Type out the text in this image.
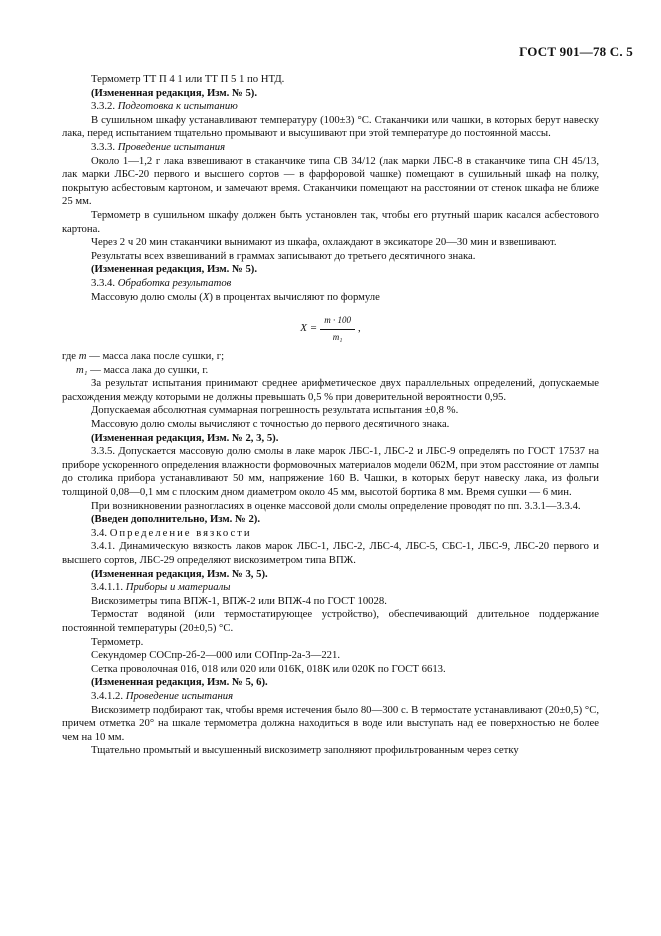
ГОСТ 901—78 С. 5

Термометр ТТ П 4 1 или ТТ П 5 1 по НТД.

(Измененная редакция, Изм. № 5).

3.3.2. Подготовка к испытанию

В сушильном шкафу устанавливают температуру (100±3) °С. Стаканчики или чашки, в которых берут навеску лака, перед испытанием тщательно промывают и высушивают при этой температуре до постоянной массы.

3.3.3. Проведение испытания

Около 1—1,2 г лака взвешивают в стаканчике типа СВ 34/12 (лак марки ЛБС-8 в стаканчике типа СН 45/13, лак марки ЛБС-20 первого и высшего сортов — в фарфоровой чашке) помещают в сушильный шкаф на полку, покрытую асбестовым картоном, и замечают время. Стаканчики помещают на расстоянии от стенок шкафа не ближе 25 мм.

Термометр в сушильном шкафу должен быть установлен так, чтобы его ртутный шарик касался асбестового картона.

Через 2 ч 20 мин стаканчики вынимают из шкафа, охлаждают в эксикаторе 20—30 мин и взвешивают.

Результаты всех взвешиваний в граммах записывают до третьего десятичного знака.

(Измененная редакция, Изм. № 5).

3.3.4. Обработка результатов

Массовую долю смолы (X) в процентах вычисляют по формуле

$X = \frac{m \cdot 100}{\text{m₁}}$ ,

где m — масса лака после сушки, г;

m₁ — масса лака до сушки, г.

За результат испытания принимают среднее арифметическое двух параллельных определений, допускаемые расхождения между которыми не должны превышать 0,5 % при доверительной вероятности 0,95.

Допускаемая абсолютная суммарная погрешность результата испытания ±0,8 %.

Массовую долю смолы вычисляют с точностью до первого десятичного знака.

(Измененная редакция, Изм. № 2, 3, 5).

3.3.5. Допускается массовую долю смолы в лаке марок ЛБС-1, ЛБС-2 и ЛБС-9 определять по ГОСТ 17537 на приборе ускоренного определения влажности формовочных материалов модели 062М, при этом расстояние от лампы до столика прибора устанавливают 50 мм, напряжение 160 В. Чашки, в которых берут навеску лака, из фольги толщиной 0,08—0,1 мм с плоским дном диаметром около 45 мм, высотой бортика 8 мм. Время сушки — 6 мин.

При возникновении разногласиях в оценке массовой доли смолы определение проводят по пп. 3.3.1—3.3.4.

(Введен дополнительно, Изм. № 2).

3.4. Определение вязкости

3.4.1. Динамическую вязкость лаков марок ЛБС-1, ЛБС-2, ЛБС-4, ЛБС-5, СБС-1, ЛБС-9, ЛБС-20 первого и высшего сортов, ЛБС-29 определяют вискозиметром типа ВПЖ.

(Измененная редакция, Изм. № 3, 5).

3.4.1.1. Приборы и материалы

Вискозиметры типа ВПЖ-1, ВПЖ-2 или ВПЖ-4 по ГОСТ 10028.

Термостат водяной (или термостатирующее устройство), обеспечивающий длительное поддержание постоянной температуры (20±0,5) °С.

Термометр.

Секундомер СОСпр-2б-2—000 или СОПпр-2а-3—221.

Сетка проволочная 016, 018 или 020 или 016К, 018К или 020К по ГОСТ 6613.

(Измененная редакция, Изм. № 5, 6).

3.4.1.2. Проведение испытания

Вискозиметр подбирают так, чтобы время истечения было 80—300 с. В термостате устанавливают (20±0,5) °С, причем отметка 20° на шкале термометра должна находиться в воде или выступать над ее поверхностью не более чем на 10 мм.

Тщательно промытый и высушенный вискозиметр заполняют профильтрованным через сетку
